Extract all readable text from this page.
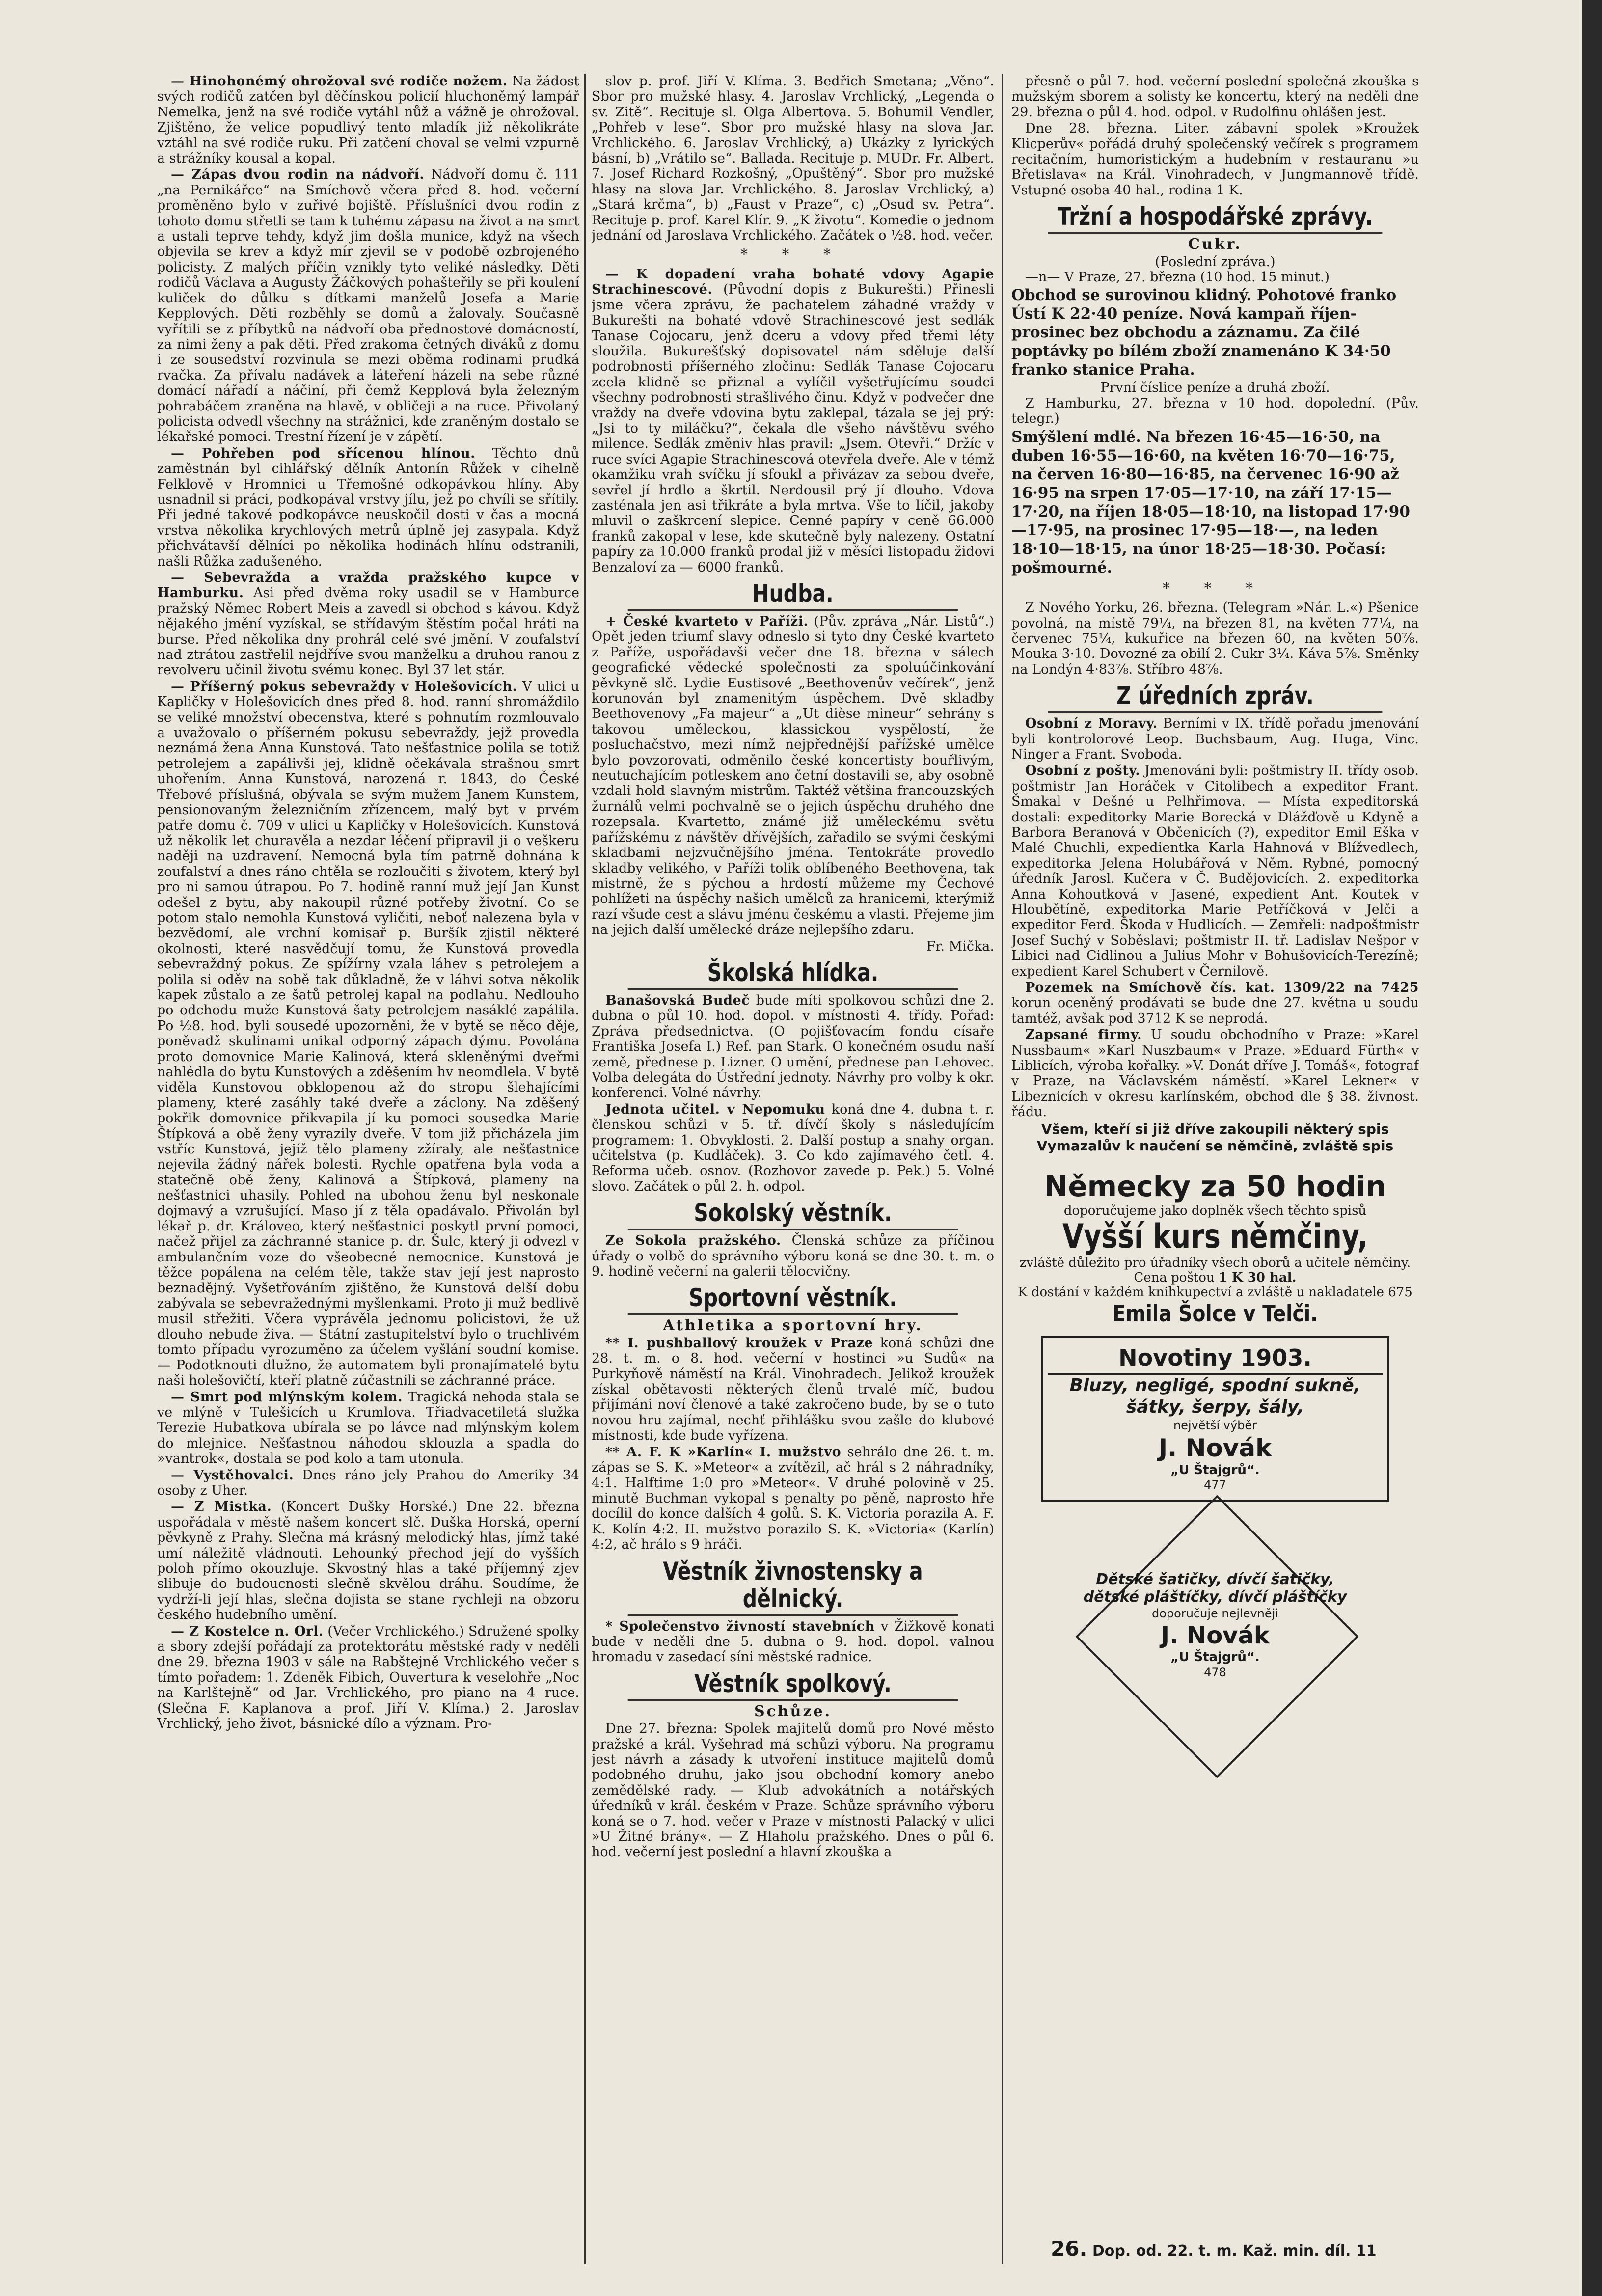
— Hinohonémý ohrožoval své rodiče nožem. Na žádost svých rodičů zatčen byl děčínskou policií hluchoněmý lampář Nemelka, jenž na své rodiče vytáhl nůž a vážně je ohrožoval. Zjištěno, že velice popudlivý tento mladík již několikráte vztáhl na své rodiče ruku. Při zatčení choval se velmi vzpurně a strážníky kousal a kopal.

— Zápas dvou rodin na nádvoří. Nádvoří domu č. 111 „na Pernikářce“ na Smíchově včera před 8. hod. večerní proměněno bylo v zuřivé bojiště. Příslušníci dvou rodin z tohoto domu střetli se tam k tuhému zápasu na život a na smrt a ustali teprve tehdy, když jim došla munice, když na všech objevila se krev a když mír zjevil se v podobě ozbrojeného policisty. Z malých příčin vznikly tyto veliké následky. Děti rodičů Václava a Augusty Žáčkových pohašteřily se při koulení kuliček do důlku s dítkami manželů Josefa a Marie Kepplových. Děti rozběhly se domů a žalovaly. Současně vyřítili se z příbytků na nádvoří oba přednostové domácností, za nimi ženy a pak děti. Před zrakoma četných diváků z domu i ze sousedství rozvinula se mezi oběma rodinami prudká rvačka. Za přívalu nadávek a láteření házeli na sebe různé domácí nářadí a náčiní, při čemž Kepplová byla železným pohrabáčem zraněna na hlavě, v obličeji a na ruce. Přivolaný policista odvedl všechny na strážnici, kde zraněným dostalo se lékařské pomoci. Trestní řízení je v zápětí.

— Pohřeben pod sřícenou hlínou. Těchto dnů zaměstnán byl cihlářský dělník Antonín Růžek v cihelně Felklově v Hromnici u Třemošné odkopávkou hlíny. Aby usnadnil si práci, podkopával vrstvy jílu, jež po chvíli se sřítily. Při jedné takové podkopávce neuskočil dosti v čas a mocná vrstva několika krychlových metrů úplně jej zasypala. Když přichvátavší dělníci po několika hodinách hlínu odstranili, našli Růžka zadušeného.

— Sebevražda a vražda pražského kupce v Hamburku. Asi před dvěma roky usadil se v Hamburce pražský Němec Robert Meis a zavedl si obchod s kávou. Když nějakého jmění vyzískal, se střídavým štěstím počal hráti na burse. Před několika dny prohrál celé své jmění. V zoufalství nad ztrátou zastřelil nejdříve svou manželku a druhou ranou z revolveru učinil životu svému konec. Byl 37 let stár.

— Příšerný pokus sebevraždy v Holešovicích. V ulici u Kapličky v Holešovicích dnes před 8. hod. ranní shromáždilo se veliké množství obecenstva, které s pohnutím rozmlouvalo a uvažovalo o příšerném pokusu sebevraždy, jejž provedla neznámá žena Anna Kunstová. Tato nešťastnice polila se totiž petrolejem a zapálivši jej, klidně očekávala strašnou smrt uhořením. Anna Kunstová, narozená r. 1843, do České Třebové příslušná, obývala se svým mužem Janem Kunstem, pensionovaným železničním zřízencem, malý byt v prvém patře domu č. 709 v ulici u Kapličky v Holešovicích. Kunstová už několik let churavěla a nezdar léčení připravil ji o veškeru naději na uzdravení. Nemocná byla tím patrně dohnána k zoufalství a dnes ráno chtěla se rozloučiti s životem, který byl pro ni samou útrapou. Po 7. hodině ranní muž její Jan Kunst odešel z bytu, aby nakoupil různé potřeby životní. Co se potom stalo nemohla Kunstová vyličiti, neboť nalezena byla v bezvědomí, ale vrchní komisař p. Buršík zjistil některé okolnosti, které nasvědčují tomu, že Kunstová provedla sebevraždný pokus. Ze spížírny vzala láhev s petrolejem a polila si oděv na sobě tak důkladně, že v láhvi sotva několik kapek zůstalo a ze šatů petrolej kapal na podlahu. Nedlouho po odchodu muže Kunstová šaty petrolejem nasáklé zapálila. Po ½8. hod. byli sousedé upozorněni, že v bytě se něco děje, poněvadž skulinami unikal odporný zápach dýmu. Povolána proto domovnice Marie Kalinová, která skleněnými dveřmi nahlédla do bytu Kunstových a zděšením hv neomdlela. V bytě viděla Kunstovou obklopenou až do stropu šlehajícími plameny, které zasáhly také dveře a záclony. Na zděšený pokřik domovnice přikvapila jí ku pomoci sousedka Marie Štípková a obě ženy vyrazily dveře. V tom již přicházela jim vstříc Kunstová, jejíž tělo plameny zžíraly, ale nešťastnice nejevila žádný nářek bolesti. Rychle opatřena byla voda a statečně obě ženy, Kalinová a Štípková, plameny na nešťastnici uhasily. Pohled na ubohou ženu byl neskonale dojmavý a vzrušující. Maso jí z těla opadávalo. Přivolán byl lékař p. dr. Královeo, který nešťastnici poskytl první pomoci, načež přijel za záchranné stanice p. dr. Šulc, který ji odvezl v ambulančním voze do všeobecné nemocnice. Kunstová je těžce popálena na celém těle, takže stav její jest naprosto beznadějný. Vyšetřováním zjištěno, že Kunstová delší dobu zabývala se sebevražednými myšlenkami. Proto ji muž bedlivě musil střežiti. Včera vyprávěla jednomu policistovi, že už dlouho nebude živa. — Státní zastupitelství bylo o truchlivém tomto případu vyrozuměno za účelem vyšlání soudní komise. — Podotknouti dlužno, že automatem byli pronajímatelé bytu naši holešovičtí, kteří platně zúčastnili se záchranné práce.

— Smrt pod mlýnským kolem. Tragická nehoda stala se ve mlýně v Tulešicích u Krumlova. Třiadvacetiletá služka Terezie Hubatkova ubírala se po lávce nad mlýnským kolem do mlejnice. Nešťastnou náhodou sklouzla a spadla do »vantrok«, dostala se pod kolo a tam utonula.

— Vystěhovalci. Dnes ráno jely Prahou do Ameriky 34 osoby z Uher.

— Z Mistka. (Koncert Dušky Horské.) Dne 22. března uspořádala v městě našem koncert slč. Duška Horská, operní pěvkyně z Prahy. Slečna má krásný melodický hlas, jímž také umí náležitě vládnouti. Lehounký přechod její do vyšších poloh přímo okouzluje. Skvostný hlas a také příjemný zjev slibuje do budoucnosti slečně skvělou dráhu. Soudíme, že vydrží-li její hlas, slečna dojista se stane rychleji na obzoru českého hudebního umění.

— Z Kostelce n. Orl. (Večer Vrchlického.) Sdružené spolky a sbory zdejší pořádají za protektorátu městské rady v neděli dne 29. března 1903 v sále na Rabštejně Vrchlického večer s tímto pořadem: 1. Zdeněk Fibich, Ouvertura k veselohře „Noc na Karlštejně“ od Jar. Vrchlického, pro piano na 4 ruce. (Slečna F. Kaplanova a prof. Jiří V. Klíma.) 2. Jaroslav Vrchlický, jeho život, básnické dílo a význam. Pro-

slov p. prof. Jiří V. Klíma. 3. Bedřich Smetana; „Věno“. Sbor pro mužské hlasy. 4. Jaroslav Vrchlický, „Legenda o sv. Zitě“. Recituje sl. Olga Albertova. 5. Bohumil Vendler, „Pohřeb v lese“. Sbor pro mužské hlasy na slova Jar. Vrchlického. 6. Jaroslav Vrchlický, a) Ukázky z lyrických básní, b) „Vrátilo se“. Ballada. Recituje p. MUDr. Fr. Albert. 7. Josef Richard Rozkošný, „Opuštěný“. Sbor pro mužské hlasy na slova Jar. Vrchlického. 8. Jaroslav Vrchlický, a) „Stará krčma“, b) „Faust v Praze“, c) „Osud sv. Petra“. Recituje p. prof. Karel Klír. 9. „K životu“. Komedie o jednom jednání od Jaroslava Vrchlického. Začátek o ½8. hod. večer.

* * *

— K dopadení vraha bohaté vdovy Agapie Strachinescové. (Původní dopis z Bukurešti.) Přinesli jsme včera zprávu, že pachatelem záhadné vraždy v Bukurešti na bohaté vdově Strachinescové jest sedlák Tanase Cojocaru, jenž dceru a vdovy před třemi léty sloužila. Bukurešťský dopisovatel nám sděluje další podrobnosti příšerného zločinu: Sedlák Tanase Cojocaru zcela klidně se přiznal a vylíčil vyšetřujícímu soudci všechny podrobnosti strašlivého činu. Když v podvečer dne vraždy na dveře vdovina bytu zaklepal, tázala se jej prý: „Jsi to ty miláčku?“, čekala dle všeho návštěvu svého milence. Sedlák změniv hlas pravil: „Jsem. Otevři.“ Držíc v ruce svíci Agapie Strachinescová otevřela dveře. Ale v témž okamžiku vrah svíčku jí sfoukl a přivázav za sebou dveře, sevřel jí hrdlo a škrtil. Nerdousil prý jí dlouho. Vdova zasténala jen asi třikráte a byla mrtva. Vše to líčil, jakoby mluvil o zaškrcení slepice. Cenné papíry v ceně 66.000 franků zakopal v lese, kde skutečně byly nalezeny. Ostatní papíry za 10.000 franků prodal již v měsíci listopadu židovi Benzaloví za — 6000 franků.

Hudba.

+ České kvarteto v Paříži. (Pův. zpráva „Nár. Listů“.) Opět jeden triumf slavy odneslo si tyto dny České kvarteto z Paříže, uspořádavši večer dne 18. března v sálech geografické vědecké společnosti za spoluúčinkování pěvkyně slč. Lydie Eustisové „Beethovenův večírek“, jenž korunován byl znamenitým úspěchem. Dvě skladby Beethovenovy „Fa majeur“ a „Ut dièse mineur“ sehrány s takovou uměleckou, klassickou vyspělostí, že posluchačstvo, mezi nímž nejpřednější pařížské umělce bylo povzorovati, odměnilo české koncertisty bouřlivým, neutuchajícím potleskem ano četní dostavili se, aby osobně vzdali hold slavným mistrům. Taktéž většina francouzských žurnálů velmi pochvalně se o jejich úspěchu druhého dne rozepsala. Kvartetto, známé již uměleckému světu pařížskému z návštěv dřívějších, zařadilo se svými českými skladbami nejzvučnějšího jména. Tentokráte provedlo skladby velikého, v Paříži tolik oblíbeného Beethovena, tak mistrně, že s pýchou a hrdostí můžeme my Čechové pohlížeti na úspěchy našich umělců za hranicemi, kterýmiž razí všude cest a slávu jménu českému a vlasti. Přejeme jim na jejich další umělecké dráze nejlepšího zdaru.

Fr. Mička.
Školská hlídka.

Banašovská Budeč bude míti spolkovou schůzi dne 2. dubna o půl 10. hod. dopol. v místnosti 4. třídy. Pořad: Zpráva předsednictva. (O pojišťovacím fondu císaře Františka Josefa I.) Ref. pan Stark. O konečném osudu naší země, přednese p. Lizner. O umění, přednese pan Lehovec. Volba delegáta do Ústřední jednoty. Návrhy pro volby k okr. konferenci. Volné návrhy.

Jednota učitel. v Nepomuku koná dne 4. dubna t. r. členskou schůzi v 5. tř. dívčí školy s následujícím programem: 1. Obvyklosti. 2. Další postup a snahy organ. učitelstva (p. Kudláček). 3. Co kdo zajímavého četl. 4. Reforma učeb. osnov. (Rozhovor zavede p. Pek.) 5. Volné slovo. Začátek o půl 2. h. odpol.

Sokolský věstník.

Ze Sokola pražského. Členská schůze za příčinou úřady o volbě do správního výboru koná se dne 30. t. m. o 9. hodině večerní na galerii tělocvičny.

Sportovní věstník.
Athletika a sportovní hry.

** I. pushballový kroužek v Praze koná schůzi dne 28. t. m. o 8. hod. večerní v hostinci »u Sudů« na Purkyňově náměstí na Král. Vinohradech. Jelikož kroužek získal obětavosti některých členů trvalé míč, budou přijímáni noví členové a také zakročeno bude, by se o tuto novou hru zajímal, nechť přihlášku svou zašle do klubové místnosti, kde bude vyřízena.

** A. F. K »Karlín« I. mužstvo sehrálo dne 26. t. m. zápas se S. K. »Meteor« a zvítězil, ač hrál s 2 náhradníky, 4:1. Halftime 1:0 pro »Meteor«. V druhé polovině v 25. minutě Buchman vykopal s penalty po pěně, naprosto hře docílil do konce dalších 4 golů. S. K. Victoria porazila A. F. K. Kolín 4:2. II. mužstvo porazilo S. K. »Victoria« (Karlín) 4:2, ač hrálo s 9 hráči.

Věstník živnostensky a dělnický.

* Společenstvo živností stavebních v Žižkově konati bude v neděli dne 5. dubna o 9. hod. dopol. valnou hromadu v zasedací síni městské radnice.

Věstník spolkový.
Schůze.

Dne 27. března: Spolek majitelů domů pro Nové město pražské a král. Vyšehrad má schůzi výboru. Na programu jest návrh a zásady k utvoření instituce majitelů domů podobného druhu, jako jsou obchodní komory anebo zemědělské rady. — Klub advokátních a notářských úředníků v král. českém v Praze. Schůze správního výboru koná se o 7. hod. večer v Praze v místnosti Palacký v ulici »U Žitné brány«. — Z Hlaholu pražského. Dnes o půl 6. hod. večerní jest poslední a hlavní zkouška a

přesně o půl 7. hod. večerní poslední společná zkouška s mužským sborem a solisty ke koncertu, který na neděli dne 29. března o půl 4. hod. odpol. v Rudolfinu ohlášen jest.

Dne 28. března. Liter. zábavní spolek »Kroužek Klicperův« pořádá druhý společenský večírek s programem recitačním, humoristickým a hudebním v restauranu »u Břetislava« na Král. Vinohradech, v Jungmannově třídě. Vstupné osoba 40 hal., rodina 1 K.

Tržní a hospodářské zprávy.
Cukr.
(Poslední zpráva.)

—n— V Praze, 27. března (10 hod. 15 minut.)

Obchod se surovinou klidný. Pohotové franko Ústí K 22·40 peníze. Nová kampaň říjen-prosinec bez obchodu a záznamu. Za čilé poptávky po bílém zboží znamenáno K 34·50 franko stanice Praha.

První číslice peníze a druhá zboží.

Z Hamburku, 27. března v 10 hod. dopolední. (Pův. telegr.)

Smýšlení mdlé. Na březen 16·45—16·50, na duben 16·55—16·60, na květen 16·70—16·75, na červen 16·80—16·85, na červenec 16·90 až 16·95 na srpen 17·05—17·10, na září 17·15—17·20, na říjen 18·05—18·10, na listopad 17·90—17·95, na prosinec 17·95—18·—, na leden 18·10—18·15, na únor 18·25—18·30. Počasí: pošmourné.

* * *

Z Nového Yorku, 26. března. (Telegram »Nár. L.«) Pšenice povolná, na místě 79¼, na březen 81, na květen 77¼, na červenec 75¼, kukuřice na březen 60, na květen 50⅞. Mouka 3·10. Dovozné za obilí 2. Cukr 3¼. Káva 5⅞. Směnky na Londýn 4·83⅞. Stříbro 48⅞.

Z úředních zpráv.

Osobní z Moravy. Berními v IX. třídě pořadu jmenování byli kontrolorové Leop. Buchsbaum, Aug. Huga, Vinc. Ninger a Frant. Svoboda.

Osobní z pošty. Jmenováni byli: poštmistry II. třídy osob. poštmistr Jan Horáček v Citolibech a expeditor Frant. Šmakal v Dešné u Pelhřimova. — Místa expeditorská dostali: expeditorky Marie Borecká v Dlážďově u Kdyně a Barbora Beranová v Občenicích (?), expeditor Emil Eška v Malé Chuchli, expedientka Karla Hahnová v Blížvedlech, expeditorka Jelena Holubářová v Něm. Rybné, pomocný úředník Jarosl. Kučera v Č. Budějovicích. 2. expeditorka Anna Kohoutková v Jasené, expedient Ant. Koutek v Hloubětíně, expeditorka Marie Petříčková v Jelči a expeditor Ferd. Škoda v Hudlicích. — Zemřeli: nadpoštmistr Josef Suchý v Soběslavi; poštmistr II. tř. Ladislav Nešpor v Libici nad Cidlinou a Julius Mohr v Bohušovicích-Terezíně; expedient Karel Schubert v Černilově.

Pozemek na Smíchově čís. kat. 1309/22 na 7425 korun oceněný prodávati se bude dne 27. května u soudu tamtéž, avšak pod 3712 K se neprodá.

Zapsané firmy. U soudu obchodního v Praze: »Karel Nussbaum« »Karl Nuszbaum« v Praze. »Eduard Fürth« v Liblicích, výroba kořalky. »V. Donát dříve J. Tomáš«, fotograf v Praze, na Václavském náměstí. »Karel Lekner« v Libeznicích v okresu karlínském, obchod dle § 38. živnost. řádu.

Všem, kteří si již dříve zakoupili některý spis Vymazalův k naučení se němčině, zvláště spis
Německy za 50 hodin
doporučujeme jako doplněk všech těchto spisů
Vyšší kurs němčiny,
zvláště důležito pro úřadníky všech oborů a učitele němčiny. Cena poštou 1 K 30 hal.
K dostání v každém knihkupectví a zvláště u nakladatele 675
Emila Šolce v Telči.
Novotiny 1903.
Bluzy, negligé, spodní sukně, šátky, šerpy, šály,
největší výběr
J. Novák
„U Štajgrů“.
477
Dětské šatičky, dívčí šatičky, dětské pláštíčky, dívčí pláštíčky
doporučuje nejlevněji
J. Novák
„U Štajgrů“.
478
26. Dop. od. 22. t. m. Kaž. min. díl. 11
